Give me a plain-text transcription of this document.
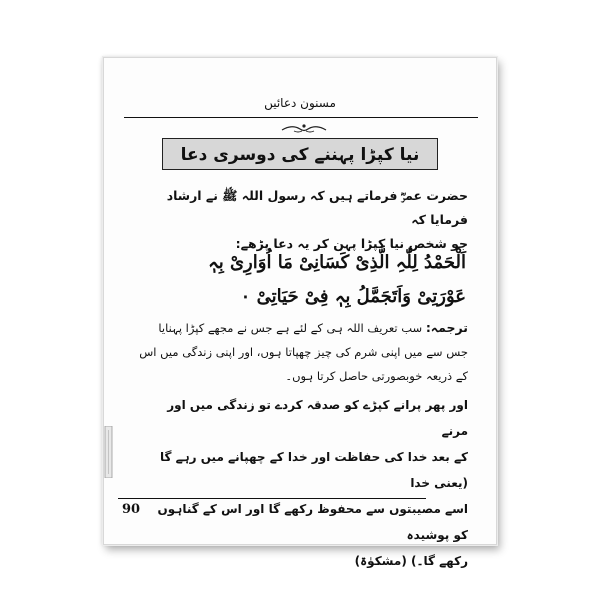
مسنون دعائیں
نیا کپڑا پہننے کی دوسری دعا
حضرت عمرؓ فرماتے ہیں کہ رسول اللہ ﷺ نے ارشاد فرمایا کہ
جو شخص نیا کپڑا پہن کر یہ دعا پڑھے:
اَلْحَمْدُ لِلّٰہِ الَّذِیْ کَسَانِیْ مَا اُوَارِیْ بِہٖ
عَوْرَتِیْ وَاَتَجَمَّلُ بِہٖ فِیْ حَیَاتِیْ ۰
ترجمہ: سب تعریف اللہ ہی کے لئے ہے جس نے مجھے کپڑا پہنایا
جس سے میں اپنی شرم کی چیز چھپاتا ہوں، اور اپنی زندگی میں اس
کے ذریعہ خوبصورتی حاصل کرتا ہوں۔
اور پھر پرانے کپڑے کو صدقہ کردے تو زندگی میں اور مرنے
کے بعد خدا کی حفاظت اور خدا کے چھپانے میں رہے گا (یعنی خدا
اسے مصیبتوں سے محفوظ رکھے گا اور اس کے گناہوں کو پوشیدہ
رکھے گا۔) (مشکوٰۃ)
90
